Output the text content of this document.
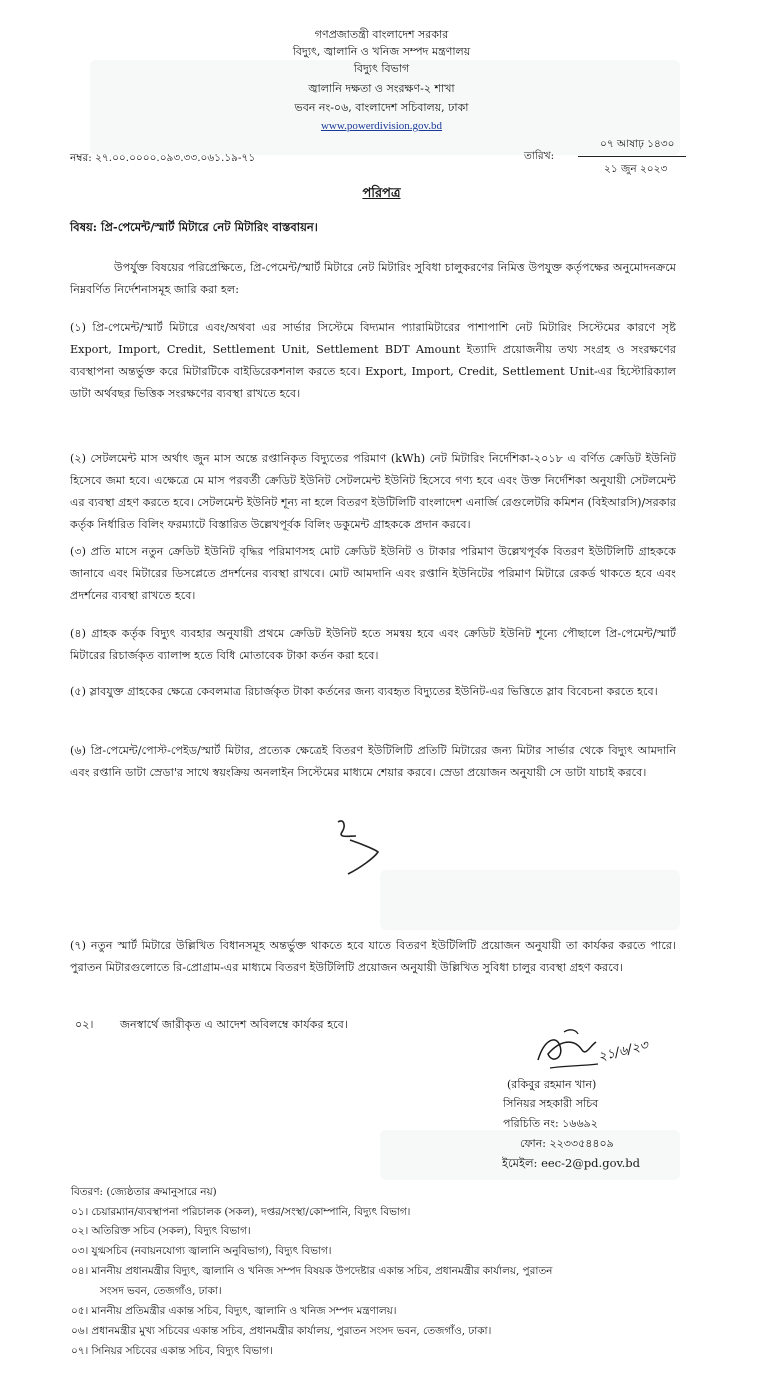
গণপ্রজাতন্ত্রী বাংলাদেশ সরকার
বিদ্যুৎ, জ্বালানি ও খনিজ সম্পদ মন্ত্রণালয়
বিদ্যুৎ বিভাগ
জ্বালানি দক্ষতা ও সংরক্ষণ-২ শাখা
ভবন নং-০৬, বাংলাদেশ সচিবালয়, ঢাকা
www.powerdivision.gov.bd
নম্বর: ২৭.০০.০০০০.০৯৩.৩৩.০৬১.১৯-৭১	তারিখ:
০৭ আষাঢ় ১৪৩০
২১ জুন ২০২৩
পরিপত্র
বিষয়: প্রি-পেমেন্ট/স্মার্ট মিটারে নেট মিটারিং বাস্তবায়ন।
উপর্যুক্ত বিষয়ের পরিপ্রেক্ষিতে, প্রি-পেমেন্ট/স্মার্ট মিটারে নেট মিটারিং সুবিধা চালুকরণের নিমিত্ত উপযুক্ত কর্তৃপক্ষের অনুমোদনক্রমে নিম্নবর্ণিত নির্দেশনাসমূহ জারি করা হল:
(১) প্রি-পেমেন্ট/স্মার্ট মিটারে এবং/অথবা এর সার্ভার সিস্টেমে বিদ্যমান প্যারামিটারের পাশাপাশি নেট মিটারিং সিস্টেমের কারণে সৃষ্ট Export, Import, Credit, Settlement Unit, Settlement BDT Amount ইত্যাদি প্রয়োজনীয় তথ্য সংগ্রহ ও সংরক্ষণের ব্যবস্থাপনা অন্তর্ভুক্ত করে মিটারটিকে বাইডিরেকশনাল করতে হবে। Export, Import, Credit, Settlement Unit-এর হিস্টোরিক্যাল ডাটা অর্থবছর ভিত্তিক সংরক্ষণের ব্যবস্থা রাখতে হবে।
(২) সেটলমেন্ট মাস অর্থাৎ জুন মাস অন্তে রপ্তানিকৃত বিদ্যুতের পরিমাণ (kWh) নেট মিটারিং নির্দেশিকা-২০১৮ এ বর্ণিত ক্রেডিট ইউনিট হিসেবে জমা হবে। এক্ষেত্রে মে মাস পরবর্তী ক্রেডিট ইউনিট সেটলমেন্ট ইউনিট হিসেবে গণ্য হবে এবং উক্ত নির্দেশিকা অনুযায়ী সেটলমেন্ট এর ব্যবস্থা গ্রহণ করতে হবে। সেটলমেন্ট ইউনিট শূন্য না হলে বিতরণ ইউটিলিটি বাংলাদেশ এনার্জি রেগুলেটরি কমিশন (বিইআরসি)/সরকার কর্তৃক নির্ধারিত বিলিং ফরম্যাটে বিস্তারিত উল্লেখপূর্বক বিলিং ডকুমেন্ট গ্রাহককে প্রদান করবে।
(৩) প্রতি মাসে নতুন ক্রেডিট ইউনিট বৃদ্ধির পরিমাণসহ মোট ক্রেডিট ইউনিট ও টাকার পরিমাণ উল্লেখপূর্বক বিতরণ ইউটিলিটি গ্রাহককে জানাবে এবং মিটারের ডিসপ্লেতে প্রদর্শনের ব্যবস্থা রাখবে। মোট আমদানি এবং রপ্তানি ইউনিটের পরিমাণ মিটারে রেকর্ড থাকতে হবে এবং প্রদর্শনের ব্যবস্থা রাখতে হবে।
(৪) গ্রাহক কর্তৃক বিদ্যুৎ ব্যবহার অনুযায়ী প্রথমে ক্রেডিট ইউনিট হতে সমন্বয় হবে এবং ক্রেডিট ইউনিট শূন্যে পৌছালে প্রি-পেমেন্ট/স্মার্ট মিটারের রিচার্জকৃত ব্যালান্স হতে বিধি মোতাবেক টাকা কর্তন করা হবে।
(৫) স্লাবযুক্ত গ্রাহকের ক্ষেত্রে কেবলমাত্র রিচার্জকৃত টাকা কর্তনের জন্য ব্যবহৃত বিদ্যুতের ইউনিট-এর ভিত্তিতে স্লাব বিবেচনা করতে হবে।
(৬) প্রি-পেমেন্ট/পোস্ট-পেইড/স্মার্ট মিটার, প্রত্যেক ক্ষেত্রেই বিতরণ ইউটিলিটি প্রতিটি মিটারের জন্য মিটার সার্ভার থেকে বিদ্যুৎ আমদানি এবং রপ্তানি ডাটা স্রেডা'র সাথে স্বয়ংক্রিয় অনলাইন সিস্টেমের মাধ্যমে শেয়ার করবে। স্রেডা প্রয়োজন অনুযায়ী সে ডাটা যাচাই করবে।
(৭) নতুন স্মার্ট মিটারে উল্লিখিত বিধানসমূহ অন্তর্ভুক্ত থাকতে হবে যাতে বিতরণ ইউটিলিটি প্রয়োজন অনুযায়ী তা কার্যকর করতে পারে। পুরাতন মিটারগুলোতে রি-প্রোগ্রাম-এর মাধ্যমে বিতরণ ইউটিলিটি প্রয়োজন অনুযায়ী উল্লিখিত সুবিধা চালুর ব্যবস্থা গ্রহণ করবে।
০২। জনস্বার্থে জারীকৃত এ আদেশ অবিলম্বে কার্যকর হবে।
২১/৬/২৩
(রকিবুর রহমান খান)
সিনিয়র সহকারী সচিব
পরিচিতি নং: ১৬৬৯২
ফোন: ২২৩৩৫৪৪০৯
ইমেইল: eec-2@pd.gov.bd
বিতরণ: (জ্যেষ্ঠতার ক্রমানুসারে নয়)
০১। চেয়ারম্যান/ব্যবস্থাপনা পরিচালক (সকল), দপ্তর/সংস্থা/কোম্পানি, বিদ্যুৎ বিভাগ।
০২। অতিরিক্ত সচিব (সকল), বিদ্যুৎ বিভাগ।
০৩। যুগ্মসচিব (নবায়নযোগ্য জ্বালানি অনুবিভাগ), বিদ্যুৎ বিভাগ।
০৪। মাননীয় প্রধানমন্ত্রীর বিদ্যুৎ, জ্বালানি ও খনিজ সম্পদ বিষয়ক উপদেষ্টার একান্ত সচিব, প্রধানমন্ত্রীর কার্যালয়, পুরাতন
সংসদ ভবন, তেজগাঁও, ঢাকা।
০৫। মাননীয় প্রতিমন্ত্রীর একান্ত সচিব, বিদ্যুৎ, জ্বালানি ও খনিজ সম্পদ মন্ত্রণালয়।
০৬। প্রধানমন্ত্রীর মুখ্য সচিবের একান্ত সচিব, প্রধানমন্ত্রীর কার্যালয়, পুরাতন সংসদ ভবন, তেজগাঁও, ঢাকা।
০৭। সিনিয়র সচিবের একান্ত সচিব, বিদ্যুৎ বিভাগ।
